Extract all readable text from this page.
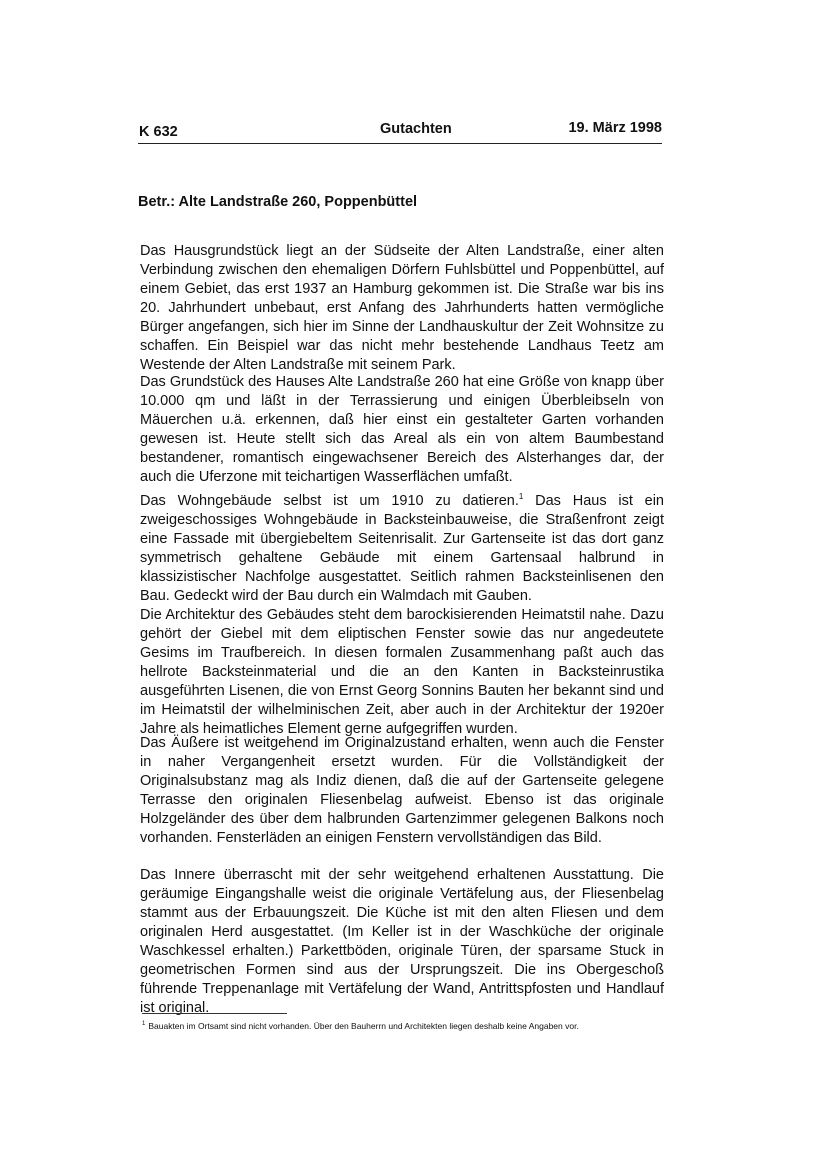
K 632	Gutachten	19. März 1998
Betr.: Alte Landstraße 260, Poppenbüttel

Das Hausgrundstück liegt an der Südseite der Alten Landstraße, einer alten Verbindung zwischen den ehemaligen Dörfern Fuhlsbüttel und Poppenbüttel, auf einem Gebiet, das erst 1937 an Hamburg gekommen ist. Die Straße war bis ins 20. Jahrhundert unbebaut, erst Anfang des Jahrhunderts hatten vermögliche Bürger angefangen, sich hier im Sinne der Landhauskultur der Zeit Wohnsitze zu schaffen. Ein Beispiel war das nicht mehr bestehende Landhaus Teetz am Westende der Alten Landstraße mit seinem Park.

Das Grundstück des Hauses Alte Landstraße 260 hat eine Größe von knapp über 10.000 qm und läßt in der Terrassierung und einigen Überbleibseln von Mäuerchen u.ä. erkennen, daß hier einst ein gestalteter Garten vorhanden gewesen ist. Heute stellt sich das Areal als ein von altem Baumbestand bestandener, romantisch eingewachsener Bereich des Alsterhanges dar, der auch die Uferzone mit teichartigen Wasserflächen umfaßt.

Das Wohngebäude selbst ist um 1910 zu datieren.$^1$ Das Haus ist ein zweigeschossiges Wohngebäude in Backsteinbauweise, die Straßenfront zeigt eine Fassade mit übergiebeltem Seitenrisalit. Zur Gartenseite ist das dort ganz symmetrisch gehaltene Gebäude mit einem Gartensaal halbrund in klassizistischer Nachfolge ausgestattet. Seitlich rahmen Backsteinlisenen den Bau. Gedeckt wird der Bau durch ein Walmdach mit Gauben.
Die Architektur des Gebäudes steht dem barockisierenden Heimatstil nahe. Dazu gehört der Giebel mit dem eliptischen Fenster sowie das nur angedeutete Gesims im Traufbereich. In diesen formalen Zusammenhang paßt auch das hellrote Backsteinmaterial und die an den Kanten in Backsteinrustika ausgeführten Lisenen, die von Ernst Georg Sonnins Bauten her bekannt sind und im Heimatstil der wilhelminischen Zeit, aber auch in der Architektur der 1920er Jahre als heimatliches Element gerne aufgegriffen wurden.

Das Äußere ist weitgehend im Originalzustand erhalten, wenn auch die Fenster in naher Vergangenheit ersetzt wurden. Für die Vollständigkeit der Originalsubstanz mag als Indiz dienen, daß die auf der Gartenseite gelegene Terrasse den originalen Fliesenbelag aufweist. Ebenso ist das originale Holzgeländer des über dem halbrunden Gartenzimmer gelegenen Balkons noch vorhanden. Fensterläden an einigen Fenstern vervollständigen das Bild.

Das Innere überrascht mit der sehr weitgehend erhaltenen Ausstattung. Die geräumige Eingangshalle weist die originale Vertäfelung aus, der Fliesenbelag stammt aus der Erbauungszeit. Die Küche ist mit den alten Fliesen und dem originalen Herd ausgestattet. (Im Keller ist in der Waschküche der originale Waschkessel erhalten.) Parkettböden, originale Türen, der sparsame Stuck in geometrischen Formen sind aus der Ursprungszeit. Die ins Obergeschoß führende Treppenanlage mit Vertäfelung der Wand, Antrittspfosten und Handlauf ist original.

$^1$ Bauakten im Ortsamt sind nicht vorhanden. Über den Bauherrn und Architekten liegen deshalb keine Angaben vor.
